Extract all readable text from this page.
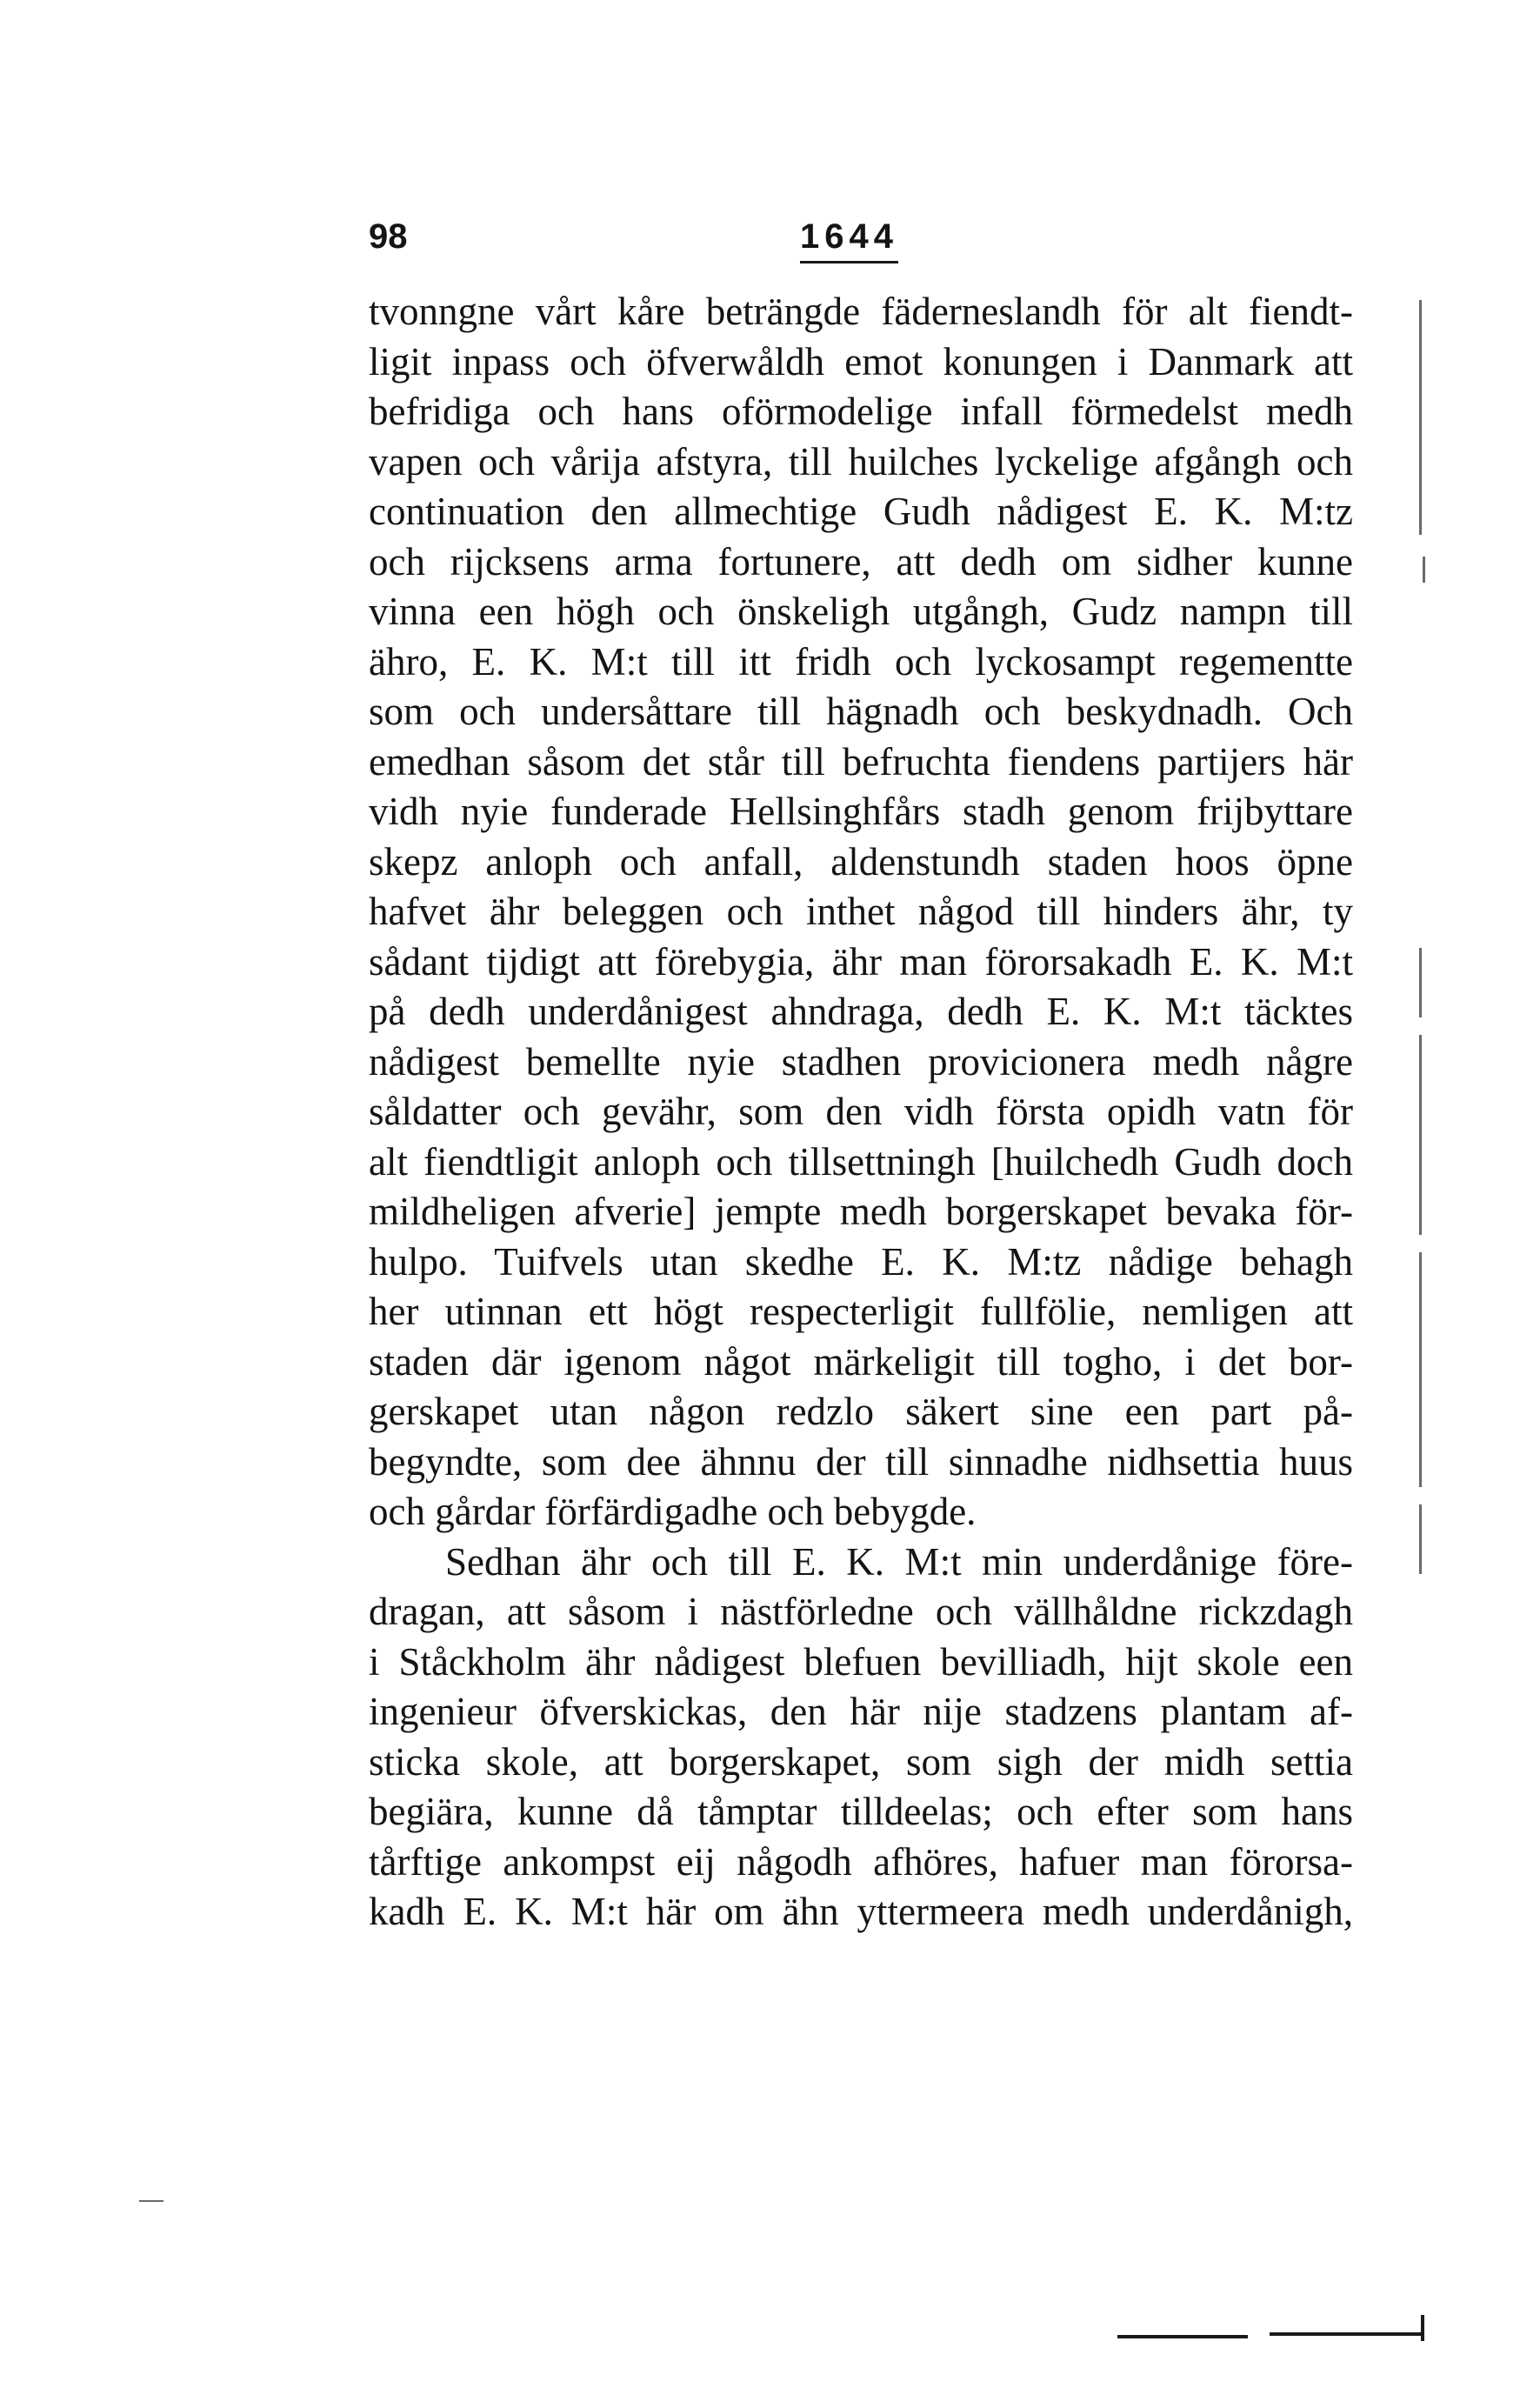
98	1644
tvonngne vårt kåre beträngde fäderneslandh för alt fiendt-
ligit inpass och öfverwåldh emot konungen i Danmark att
befridiga och hans oförmodelige infall förmedelst medh
vapen och vårija afstyra, till huilches lyckelige afgångh och
continuation den allmechtige Gudh nådigest E. K. M:tz
och rijcksens arma fortunere, att dedh om sidher kunne
vinna een högh och önskeligh utgångh, Gudz nampn till
ähro, E. K. M:t till itt fridh och lyckosampt regementte
som och undersåttare till hägnadh och beskydnadh. Och
emedhan såsom det står till befruchta fiendens partijers här
vidh nyie funderade Hellsinghfårs stadh genom frijbyttare
skepz anloph och anfall, aldenstundh staden hoos öpne
hafvet ähr beleggen och inthet någod till hinders ähr, ty
sådant tijdigt att förebygia, ähr man förorsakadh E. K. M:t
på dedh underdånigest ahndraga, dedh E. K. M:t täcktes
nådigest bemellte nyie stadhen provicionera medh någre
såldatter och gevähr, som den vidh första opidh vatn för
alt fiendtligit anloph och tillsettningh [huilchedh Gudh doch
mildheligen afverie] jempte medh borgerskapet bevaka för-
hulpo. Tuifvels utan skedhe E. K. M:tz nådige behagh
her utinnan ett högt respecterligit fullfölie, nemligen att
staden där igenom något märkeligit till togho, i det bor-
gerskapet utan någon redzlo säkert sine een part på-
begyndte, som dee ähnnu der till sinnadhe nidhsettia huus
och gårdar förfärdigadhe och bebygde.
Sedhan ähr och till E. K. M:t min underdånige före-
dragan, att såsom i nästförledne och vällhåldne rickzdagh
i Ståckholm ähr nådigest blefuen bevilliadh, hijt skole een
ingenieur öfverskickas, den här nije stadzens plantam af-
sticka skole, att borgerskapet, som sigh der midh settia
begiära, kunne då tåmptar tilldeelas; och efter som hans
tårftige ankompst eij någodh afhöres, hafuer man förorsa-
kadh E. K. M:t här om ähn yttermeera medh underdånigh,
